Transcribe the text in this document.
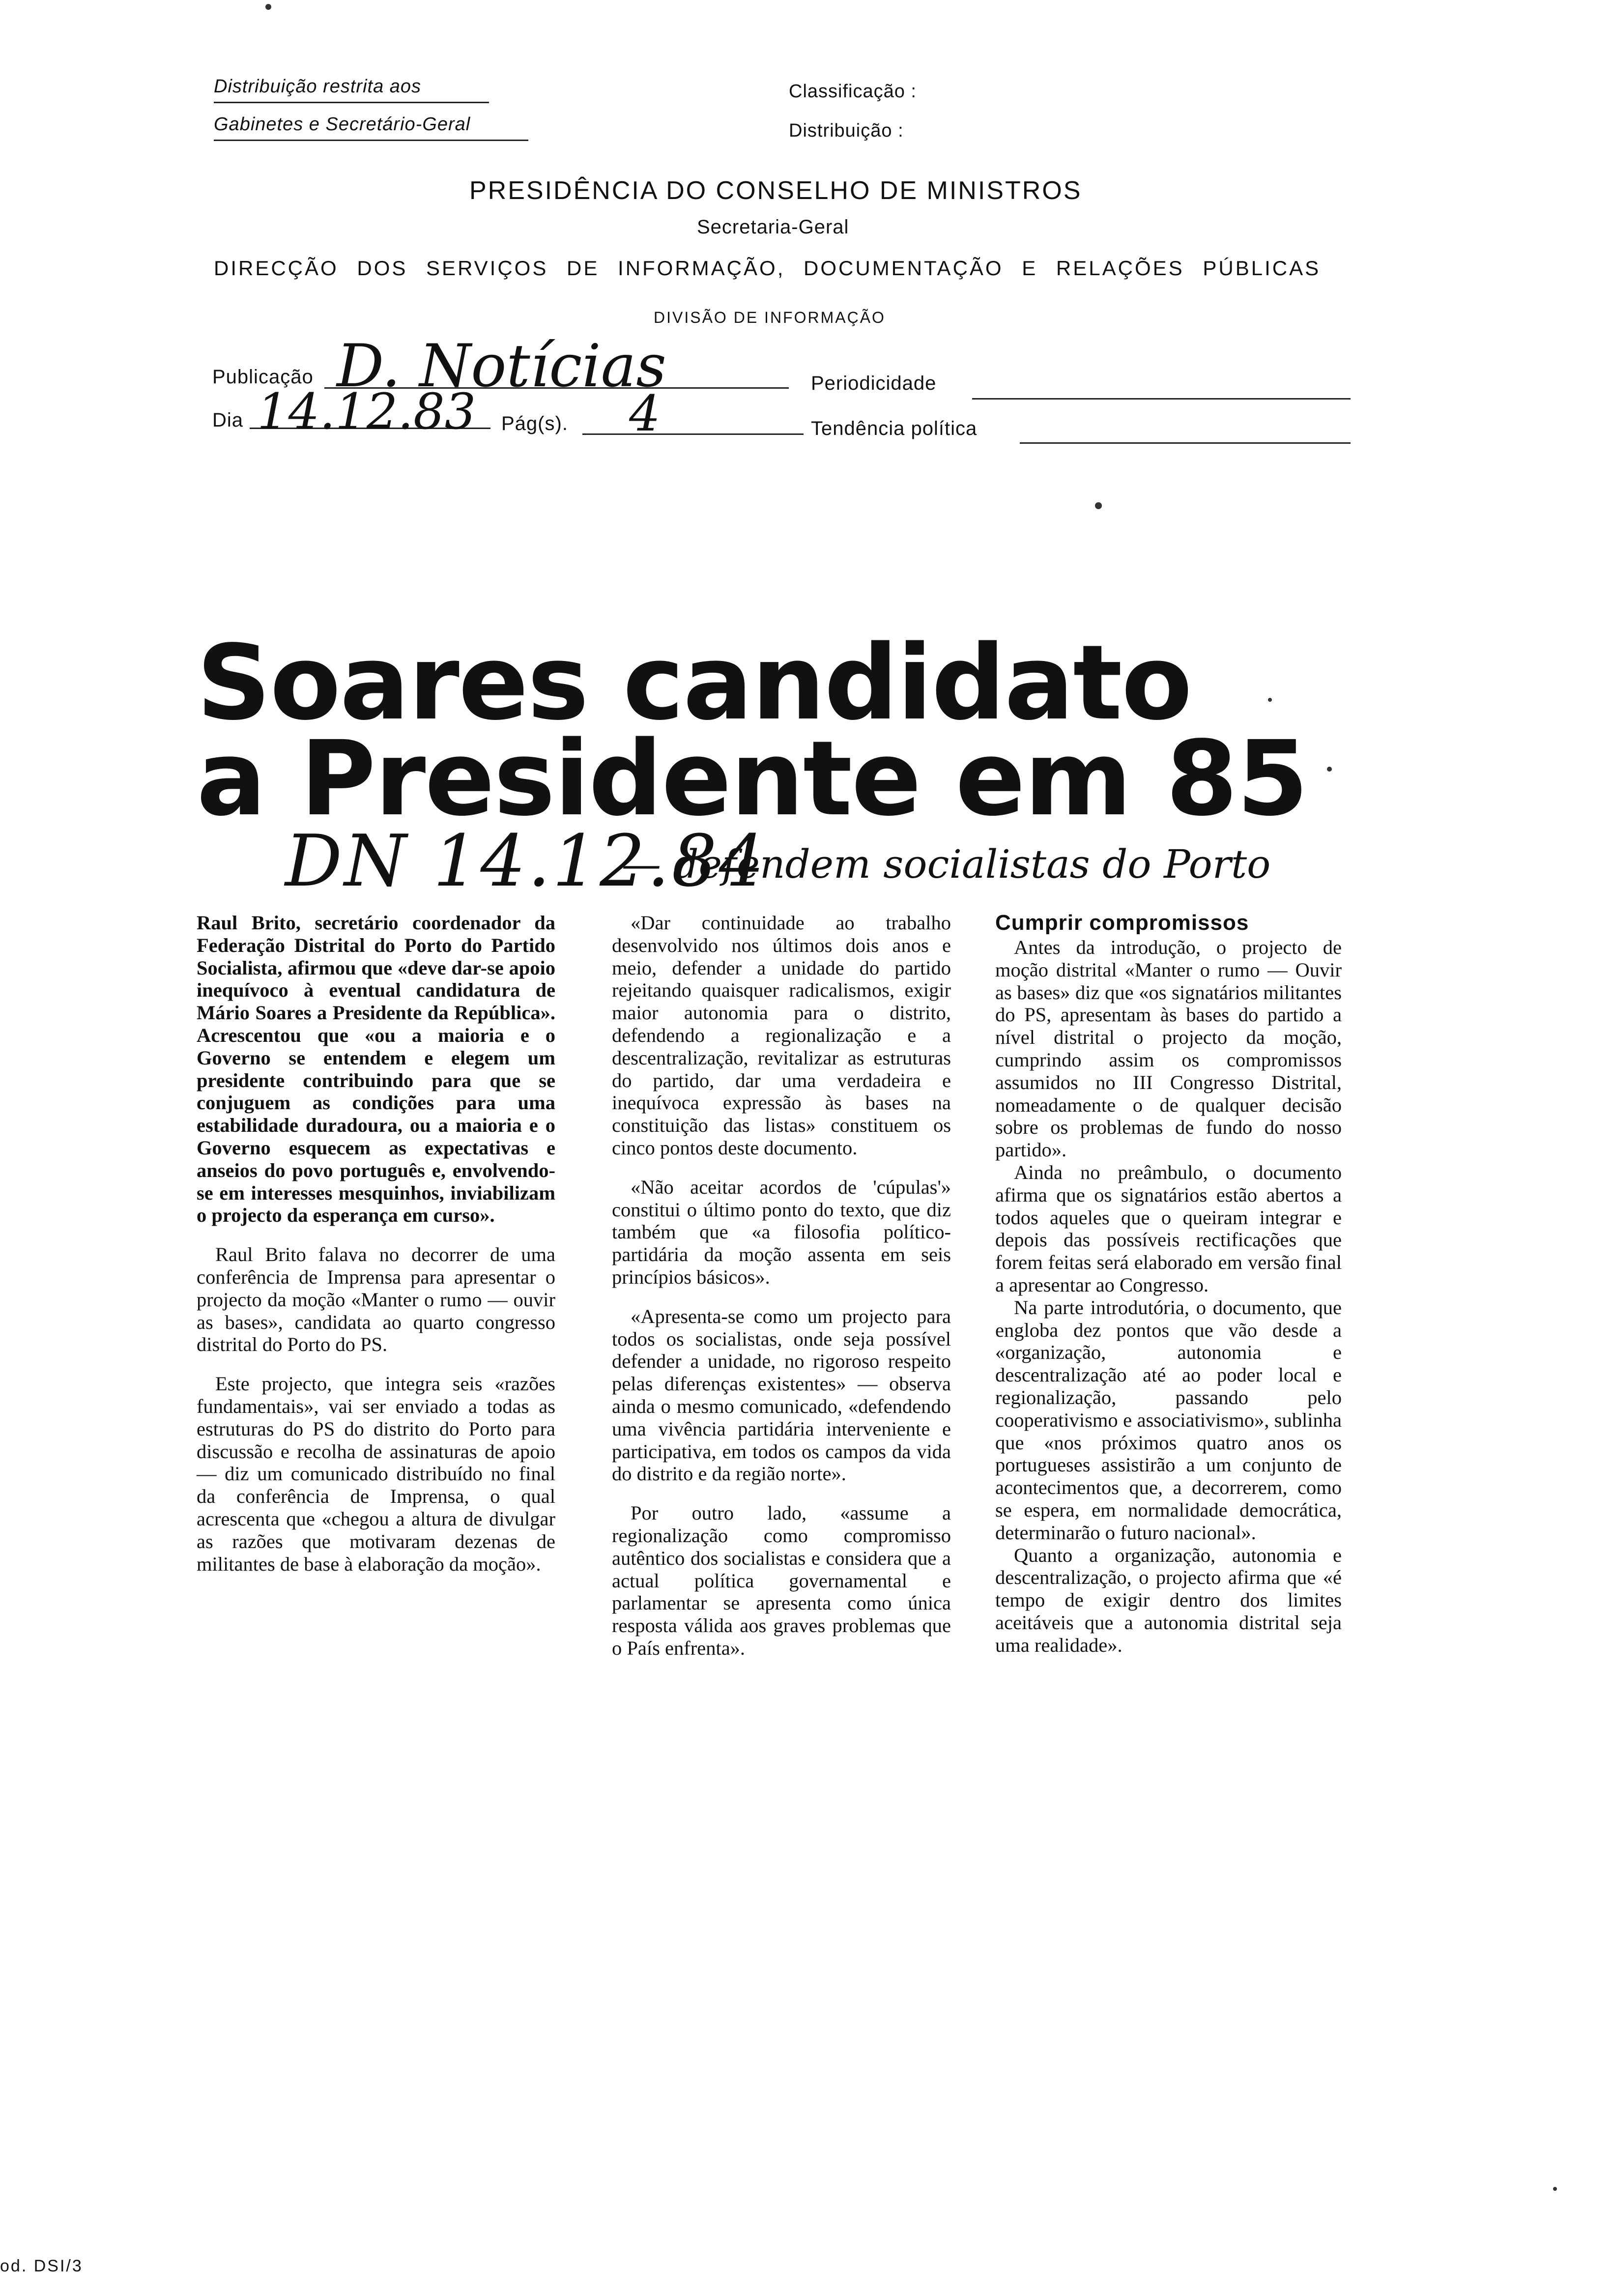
Distribuição restrita aos
Gabinetes e Secretário-Geral
Classificação :
Distribuição :
PRESIDÊNCIA DO CONSELHO DE MINISTROS
Secretaria-Geral
DIRECÇÃO DOS SERVIÇOS DE INFORMAÇÃO, DOCUMENTAÇÃO E RELAÇÕES PÚBLICAS
DIVISÃO DE INFORMAÇÃO
Publicação D. Notícias	Periodicidade
Dia 14.12.83 Pág(s). 4	Tendência política
Soares candidato
a Presidente em 85
DN 14.12.84
— defendem socialistas do Porto

Raul Brito, secretário coordenador da Federação Distrital do Porto do Partido Socialista, afirmou que «deve dar-se apoio inequívoco à eventual candidatura de Mário Soares a Presidente da República». Acrescentou que «ou a maioria e o Governo se entendem e elegem um presidente contribuindo para que se conjuguem as condições para uma estabilidade duradoura, ou a maioria e o Governo esquecem as expectativas e anseios do povo português e, envolvendo-se em interesses mesquinhos, inviabilizam o projecto da esperança em curso».

Raul Brito falava no decorrer de uma conferência de Imprensa para apresentar o projecto da moção «Manter o rumo — ouvir as bases», candidata ao quarto congresso distrital do Porto do PS.

Este projecto, que integra seis «razões fundamentais», vai ser enviado a todas as estruturas do PS do distrito do Porto para discussão e recolha de assinaturas de apoio — diz um comunicado distribuído no final da conferência de Imprensa, o qual acrescenta que «chegou a altura de divulgar as razões que motivaram dezenas de militantes de base à elaboração da moção».

«Dar continuidade ao trabalho desenvolvido nos últimos dois anos e meio, defender a unidade do partido rejeitando quaisquer radicalismos, exigir maior autonomia para o distrito, defendendo a regionalização e a descentralização, revitalizar as estruturas do partido, dar uma verdadeira e inequívoca expressão às bases na constituição das listas» constituem os cinco pontos deste documento.

«Não aceitar acordos de 'cúpulas'» constitui o último ponto do texto, que diz também que «a filosofia político-partidária da moção assenta em seis princípios básicos».

«Apresenta-se como um projecto para todos os socialistas, onde seja possível defender a unidade, no rigoroso respeito pelas diferenças existentes» — observa ainda o mesmo comunicado, «defendendo uma vivência partidária interveniente e participativa, em todos os campos da vida do distrito e da região norte».

Por outro lado, «assume a regionalização como compromisso autêntico dos socialistas e considera que a actual política governamental e parlamentar se apresenta como única resposta válida aos graves problemas que o País enfrenta».

Cumprir compromissos

Antes da introdução, o projecto de moção distrital «Manter o rumo — Ouvir as bases» diz que «os signatários militantes do PS, apresentam às bases do partido a nível distrital o projecto da moção, cumprindo assim os compromissos assumidos no III Congresso Distrital, nomeadamente o de qualquer decisão sobre os problemas de fundo do nosso partido».

Ainda no preâmbulo, o documento afirma que os signatários estão abertos a todos aqueles que o queiram integrar e depois das possíveis rectificações que forem feitas será elaborado em versão final a apresentar ao Congresso.

Na parte introdutória, o documento, que engloba dez pontos que vão desde a «organização, autonomia e descentralização até ao poder local e regionalização, passando pelo cooperativismo e associativismo», sublinha que «nos próximos quatro anos os portugueses assistirão a um conjunto de acontecimentos que, a decorrerem, como se espera, em normalidade democrática, determinarão o futuro nacional».

Quanto a organização, autonomia e descentralização, o projecto afirma que «é tempo de exigir dentro dos limites aceitáveis que a autonomia distrital seja uma realidade».

od. DSI/3
